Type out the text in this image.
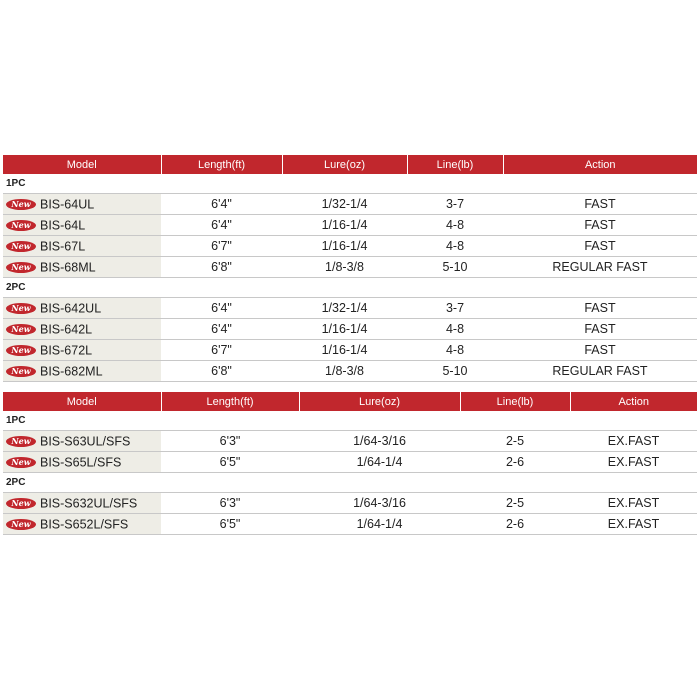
Model	Length(ft)	Lure(oz)	Line(lb)	Action
1PC				
New BIS-64UL	6'4"	1/32-1/4	3-7	FAST
New BIS-64L	6'4"	1/16-1/4	4-8	FAST
New BIS-67L	6'7"	1/16-1/4	4-8	FAST
New BIS-68ML	6'8"	1/8-3/8	5-10	REGULAR FAST
2PC				
New BIS-642UL	6'4"	1/32-1/4	3-7	FAST
New BIS-642L	6'4"	1/16-1/4	4-8	FAST
New BIS-672L	6'7"	1/16-1/4	4-8	FAST
New BIS-682ML	6'8"	1/8-3/8	5-10	REGULAR FAST
Model	Length(ft)	Lure(oz)	Line(lb)	Action
1PC				
New BIS-S63UL/SFS	6'3"	1/64-3/16	2-5	EX.FAST
New BIS-S65L/SFS	6'5"	1/64-1/4	2-6	EX.FAST
2PC				
New BIS-S632UL/SFS	6'3"	1/64-3/16	2-5	EX.FAST
New BIS-S652L/SFS	6'5"	1/64-1/4	2-6	EX.FAST
